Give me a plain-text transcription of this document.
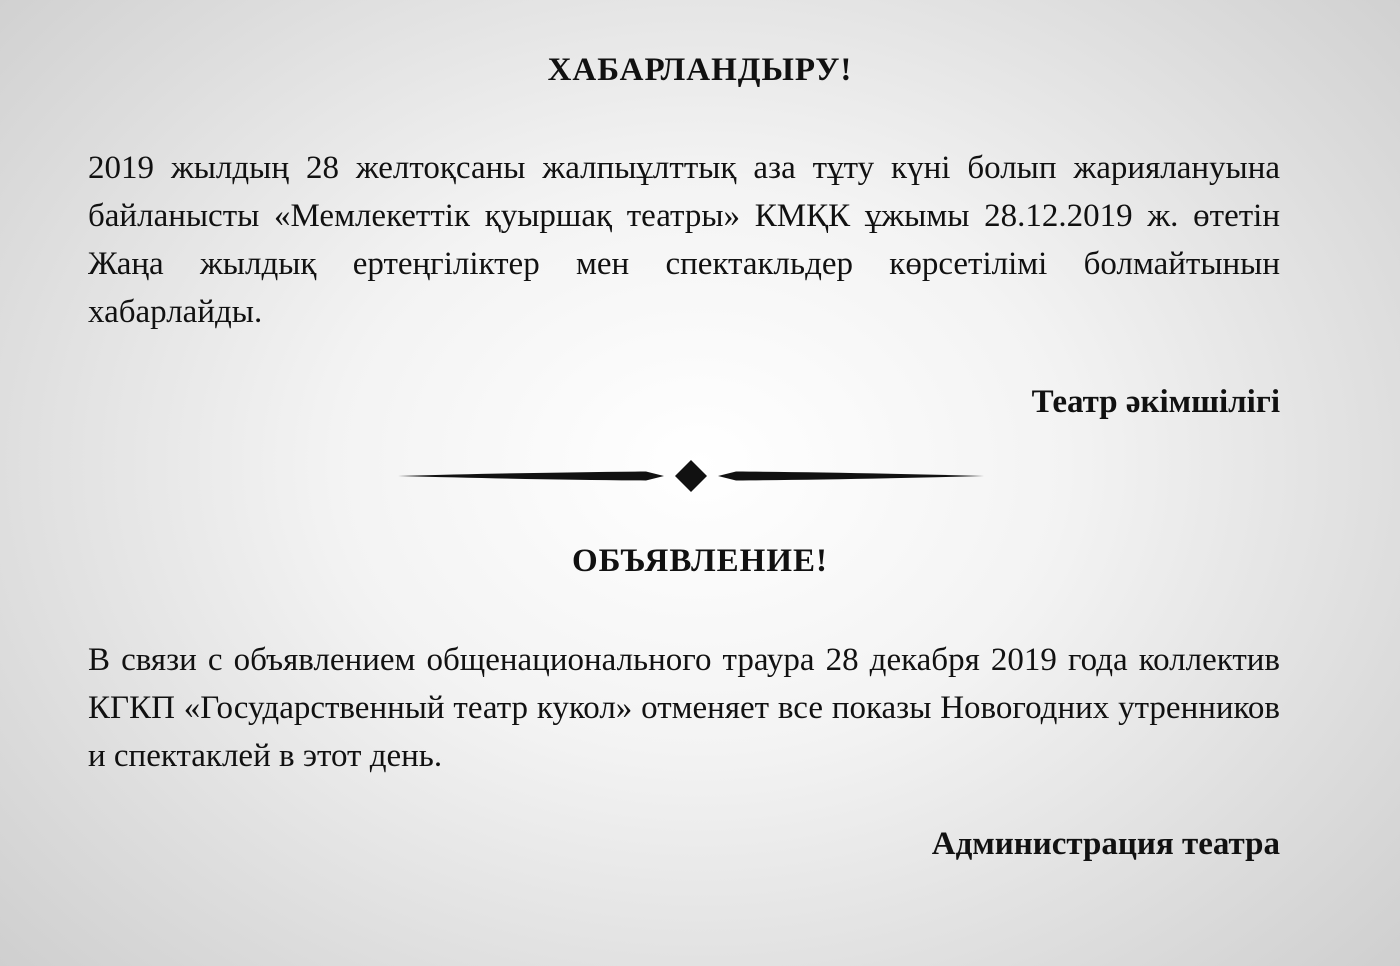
ХАБАРЛАНДЫРУ!

2019 жылдың 28 желтоқсаны жалпыұлттық аза тұту күні болып жариялануына байланысты «Мемлекеттік қуыршақ театры» КМҚК ұжымы 28.12.2019 ж. өтетін Жаңа жылдық ертеңгіліктер мен спектакльдер көрсетілімі болмайтынын хабарлайды.

Театр әкімшілігі

ОБЪЯВЛЕНИЕ!

В связи с объявлением общенационального траура 28 декабря 2019 года коллектив КГКП «Государственный театр кукол» отменяет все показы Новогодних утренников и спектаклей в этот день.

Администрация театра
